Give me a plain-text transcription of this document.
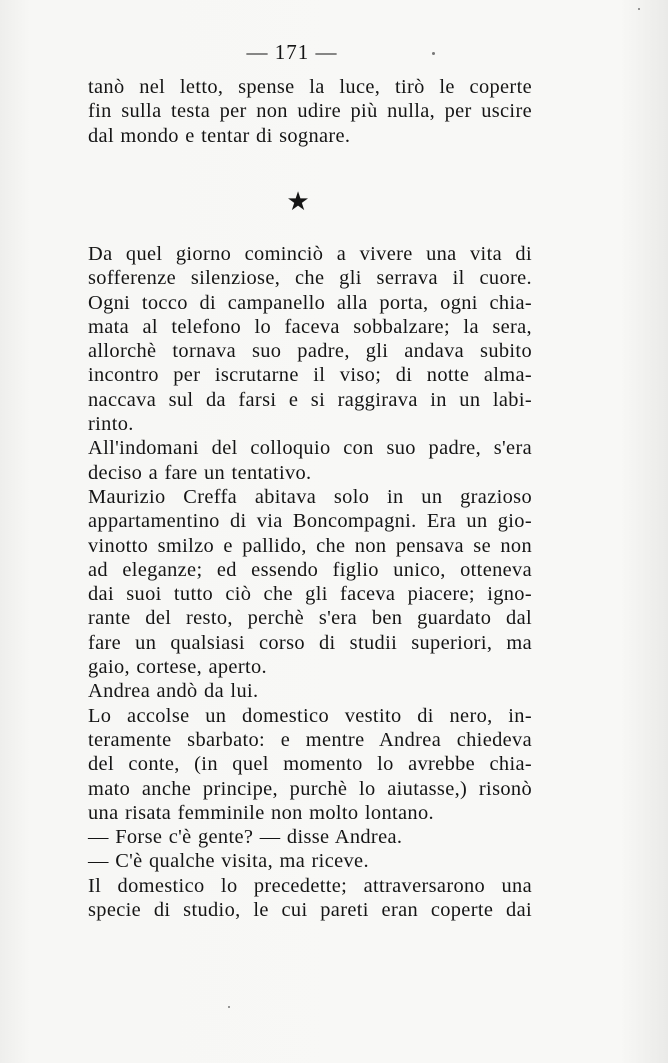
— 171 —
tanò nel letto, spense la luce, tirò le coperte
fin sulla testa per non udire più nulla, per uscire
dal mondo e tentar di sognare.
★
Da quel giorno cominciò a vivere una vita di
sofferenze silenziose, che gli serrava il cuore.
Ogni tocco di campanello alla porta, ogni chia-
mata al telefono lo faceva sobbalzare; la sera,
allorchè tornava suo padre, gli andava subito
incontro per iscrutarne il viso; di notte alma-
naccava sul da farsi e si raggirava in un labi-
rinto.
All'indomani del colloquio con suo padre, s'era
deciso a fare un tentativo.
Maurizio Creffa abitava solo in un grazioso
appartamentino di via Boncompagni. Era un gio-
vinotto smilzo e pallido, che non pensava se non
ad eleganze; ed essendo figlio unico, otteneva
dai suoi tutto ciò che gli faceva piacere; igno-
rante del resto, perchè s'era ben guardato dal
fare un qualsiasi corso di studii superiori, ma
gaio, cortese, aperto.
Andrea andò da lui.
Lo accolse un domestico vestito di nero, in-
teramente sbarbato: e mentre Andrea chiedeva
del conte, (in quel momento lo avrebbe chia-
mato anche principe, purchè lo aiutasse,) risonò
una risata femminile non molto lontano.
— Forse c'è gente? — disse Andrea.
— C'è qualche visita, ma riceve.
Il domestico lo precedette; attraversarono una
specie di studio, le cui pareti eran coperte dai
